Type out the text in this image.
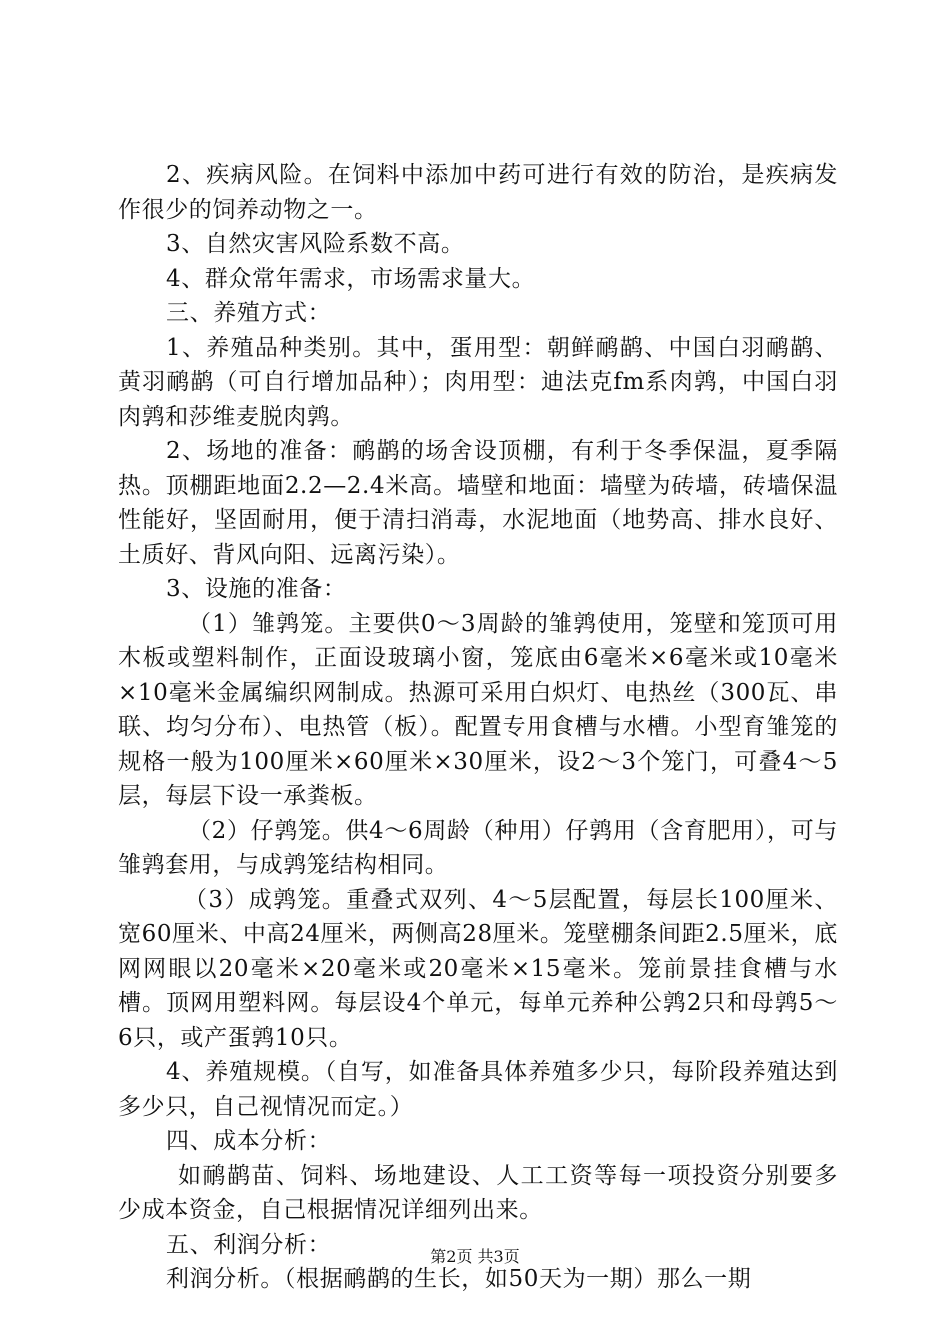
2、疾病风险。在饲料中添加中药可进行有效的防治，是疾病发作很少的饲养动物之一。

3、自然灾害风险系数不高。

4、群众常年需求，市场需求量大。

三、养殖方式：

1、养殖品种类别。其中，蛋用型：朝鲜鸸鹋、中国白羽鸸鹋、黄羽鸸鹋（可自行增加品种）；肉用型：迪法克fm系肉鹑，中国白羽肉鹑和莎维麦脱肉鹑。

2、场地的准备：鸸鹋的场舍设顶棚，有利于冬季保温，夏季隔热。顶棚距地面2.2—2.4米高。墙壁和地面：墙壁为砖墙，砖墙保温性能好，坚固耐用，便于清扫消毒，水泥地面（地势高、排水良好、土质好、背风向阳、远离污染）。

3、设施的准备：

（1）雏鹑笼。主要供0～3周龄的雏鹑使用，笼壁和笼顶可用木板或塑料制作，正面设玻璃小窗，笼底由6毫米×6毫米或10毫米×10毫米金属编织网制成。热源可采用白炽灯、电热丝（300瓦、串联、均匀分布）、电热管（板）。配置专用食槽与水槽。小型育雏笼的规格一般为100厘米×60厘米×30厘米，设2～3个笼门，可叠4～5层，每层下设一承粪板。

（2）仔鹑笼。供4～6周龄（种用）仔鹑用（含育肥用），可与雏鹑套用，与成鹑笼结构相同。

（3）成鹑笼。重叠式双列、4～5层配置，每层长100厘米、宽60厘米、中高24厘米，两侧高28厘米。笼壁棚条间距2.5厘米，底网网眼以20毫米×20毫米或20毫米×15毫米。笼前景挂食槽与水槽。顶网用塑料网。每层设4个单元，每单元养种公鹑2只和母鹑5～6只，或产蛋鹑10只。

4、养殖规模。（自写，如准备具体养殖多少只，每阶段养殖达到多少只，自己视情况而定。）

四、成本分析：

如鸸鹋苗、饲料、场地建设、人工工资等每一项投资分别要多少成本资金，自己根据情况详细列出来。

五、利润分析：

利润分析。（根据鸸鹋的生长，如50天为一期）那么一期

第2页 共3页
